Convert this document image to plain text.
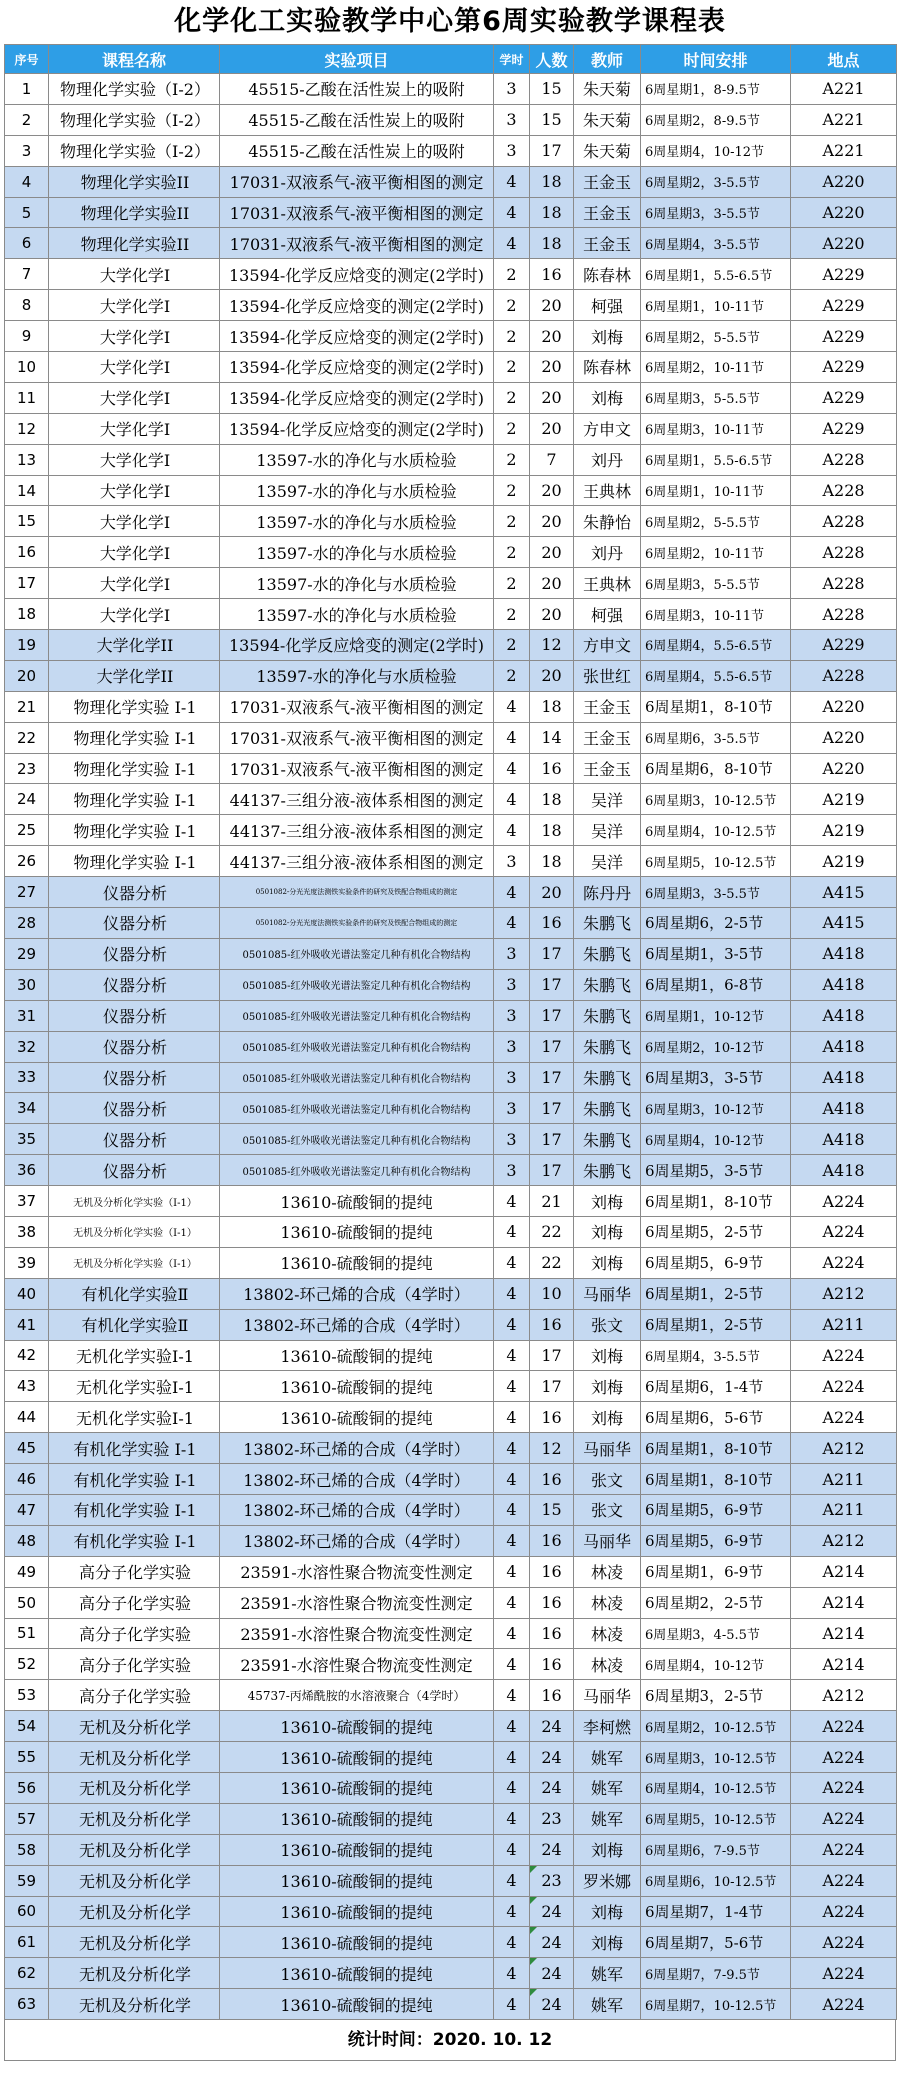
化学化工实验教学中心第6周实验教学课程表
序号	课程名称	实验项目	学时	人数	教师	时间安排	地点
1	物理化学实验（Ⅰ-2）	45515-乙酸在活性炭上的吸附	3	15	朱天菊	6周星期1，8-9.5节	A221
2	物理化学实验（Ⅰ-2）	45515-乙酸在活性炭上的吸附	3	15	朱天菊	6周星期2，8-9.5节	A221
3	物理化学实验（Ⅰ-2）	45515-乙酸在活性炭上的吸附	3	17	朱天菊	6周星期4，10-12节	A221
4	物理化学实验II	17031-双液系气-液平衡相图的测定	4	18	王金玉	6周星期2，3-5.5节	A220
5	物理化学实验II	17031-双液系气-液平衡相图的测定	4	18	王金玉	6周星期3，3-5.5节	A220
6	物理化学实验II	17031-双液系气-液平衡相图的测定	4	18	王金玉	6周星期4，3-5.5节	A220
7	大学化学Ⅰ	13594-化学反应焓变的测定(2学时)	2	16	陈春林	6周星期1，5.5-6.5节	A229
8	大学化学Ⅰ	13594-化学反应焓变的测定(2学时)	2	20	柯强	6周星期1，10-11节	A229
9	大学化学Ⅰ	13594-化学反应焓变的测定(2学时)	2	20	刘梅	6周星期2，5-5.5节	A229
10	大学化学Ⅰ	13594-化学反应焓变的测定(2学时)	2	20	陈春林	6周星期2，10-11节	A229
11	大学化学Ⅰ	13594-化学反应焓变的测定(2学时)	2	20	刘梅	6周星期3，5-5.5节	A229
12	大学化学Ⅰ	13594-化学反应焓变的测定(2学时)	2	20	方申文	6周星期3，10-11节	A229
13	大学化学Ⅰ	13597-水的净化与水质检验	2	7	刘丹	6周星期1，5.5-6.5节	A228
14	大学化学Ⅰ	13597-水的净化与水质检验	2	20	王典林	6周星期1，10-11节	A228
15	大学化学Ⅰ	13597-水的净化与水质检验	2	20	朱静怡	6周星期2，5-5.5节	A228
16	大学化学Ⅰ	13597-水的净化与水质检验	2	20	刘丹	6周星期2，10-11节	A228
17	大学化学Ⅰ	13597-水的净化与水质检验	2	20	王典林	6周星期3，5-5.5节	A228
18	大学化学Ⅰ	13597-水的净化与水质检验	2	20	柯强	6周星期3，10-11节	A228
19	大学化学II	13594-化学反应焓变的测定(2学时)	2	12	方申文	6周星期4，5.5-6.5节	A229
20	大学化学II	13597-水的净化与水质检验	2	20	张世红	6周星期4，5.5-6.5节	A228
21	物理化学实验 Ⅰ-1	17031-双液系气-液平衡相图的测定	4	18	王金玉	6周星期1，8-10节	A220
22	物理化学实验 Ⅰ-1	17031-双液系气-液平衡相图的测定	4	14	王金玉	6周星期6，3-5.5节	A220
23	物理化学实验 Ⅰ-1	17031-双液系气-液平衡相图的测定	4	16	王金玉	6周星期6，8-10节	A220
24	物理化学实验 Ⅰ-1	44137-三组分液-液体系相图的测定	4	18	吴洋	6周星期3，10-12.5节	A219
25	物理化学实验 Ⅰ-1	44137-三组分液-液体系相图的测定	4	18	吴洋	6周星期4，10-12.5节	A219
26	物理化学实验 Ⅰ-1	44137-三组分液-液体系相图的测定	3	18	吴洋	6周星期5，10-12.5节	A219
27	仪器分析	0501082-分光光度法测铁实验条件的研究及铁配合物组成的测定	4	20	陈丹丹	6周星期3，3-5.5节	A415
28	仪器分析	0501082-分光光度法测铁实验条件的研究及铁配合物组成的测定	4	16	朱鹏飞	6周星期6，2-5节	A415
29	仪器分析	0501085-红外吸收光谱法鉴定几种有机化合物结构	3	17	朱鹏飞	6周星期1，3-5节	A418
30	仪器分析	0501085-红外吸收光谱法鉴定几种有机化合物结构	3	17	朱鹏飞	6周星期1，6-8节	A418
31	仪器分析	0501085-红外吸收光谱法鉴定几种有机化合物结构	3	17	朱鹏飞	6周星期1，10-12节	A418
32	仪器分析	0501085-红外吸收光谱法鉴定几种有机化合物结构	3	17	朱鹏飞	6周星期2，10-12节	A418
33	仪器分析	0501085-红外吸收光谱法鉴定几种有机化合物结构	3	17	朱鹏飞	6周星期3，3-5节	A418
34	仪器分析	0501085-红外吸收光谱法鉴定几种有机化合物结构	3	17	朱鹏飞	6周星期3，10-12节	A418
35	仪器分析	0501085-红外吸收光谱法鉴定几种有机化合物结构	3	17	朱鹏飞	6周星期4，10-12节	A418
36	仪器分析	0501085-红外吸收光谱法鉴定几种有机化合物结构	3	17	朱鹏飞	6周星期5，3-5节	A418
37	无机及分析化学实验（Ⅰ-1）	13610-硫酸铜的提纯	4	21	刘梅	6周星期1，8-10节	A224
38	无机及分析化学实验（Ⅰ-1）	13610-硫酸铜的提纯	4	22	刘梅	6周星期5，2-5节	A224
39	无机及分析化学实验（Ⅰ-1）	13610-硫酸铜的提纯	4	22	刘梅	6周星期5，6-9节	A224
40	有机化学实验Ⅱ	13802-环己烯的合成（4学时）	4	10	马丽华	6周星期1，2-5节	A212
41	有机化学实验Ⅱ	13802-环己烯的合成（4学时）	4	16	张文	6周星期1，2-5节	A211
42	无机化学实验I-1	13610-硫酸铜的提纯	4	17	刘梅	6周星期4，3-5.5节	A224
43	无机化学实验I-1	13610-硫酸铜的提纯	4	17	刘梅	6周星期6，1-4节	A224
44	无机化学实验I-1	13610-硫酸铜的提纯	4	16	刘梅	6周星期6，5-6节	A224
45	有机化学实验 Ⅰ-1	13802-环己烯的合成（4学时）	4	12	马丽华	6周星期1，8-10节	A212
46	有机化学实验 Ⅰ-1	13802-环己烯的合成（4学时）	4	16	张文	6周星期1，8-10节	A211
47	有机化学实验 Ⅰ-1	13802-环己烯的合成（4学时）	4	15	张文	6周星期5，6-9节	A211
48	有机化学实验 Ⅰ-1	13802-环己烯的合成（4学时）	4	16	马丽华	6周星期5，6-9节	A212
49	高分子化学实验	23591-水溶性聚合物流变性测定	4	16	林凌	6周星期1，6-9节	A214
50	高分子化学实验	23591-水溶性聚合物流变性测定	4	16	林凌	6周星期2，2-5节	A214
51	高分子化学实验	23591-水溶性聚合物流变性测定	4	16	林凌	6周星期3，4-5.5节	A214
52	高分子化学实验	23591-水溶性聚合物流变性测定	4	16	林凌	6周星期4，10-12节	A214
53	高分子化学实验	45737-丙烯酰胺的水溶液聚合（4学时）	4	16	马丽华	6周星期3，2-5节	A212
54	无机及分析化学	13610-硫酸铜的提纯	4	24	李柯燃	6周星期2，10-12.5节	A224
55	无机及分析化学	13610-硫酸铜的提纯	4	24	姚军	6周星期3，10-12.5节	A224
56	无机及分析化学	13610-硫酸铜的提纯	4	24	姚军	6周星期4，10-12.5节	A224
57	无机及分析化学	13610-硫酸铜的提纯	4	23	姚军	6周星期5，10-12.5节	A224
58	无机及分析化学	13610-硫酸铜的提纯	4	24	刘梅	6周星期6，7-9.5节	A224
59	无机及分析化学	13610-硫酸铜的提纯	4	23	罗米娜	6周星期6，10-12.5节	A224
60	无机及分析化学	13610-硫酸铜的提纯	4	24	刘梅	6周星期7，1-4节	A224
61	无机及分析化学	13610-硫酸铜的提纯	4	24	刘梅	6周星期7，5-6节	A224
62	无机及分析化学	13610-硫酸铜的提纯	4	24	姚军	6周星期7，7-9.5节	A224
63	无机及分析化学	13610-硫酸铜的提纯	4	24	姚军	6周星期7，10-12.5节	A224
统计时间：2020. 10. 12
